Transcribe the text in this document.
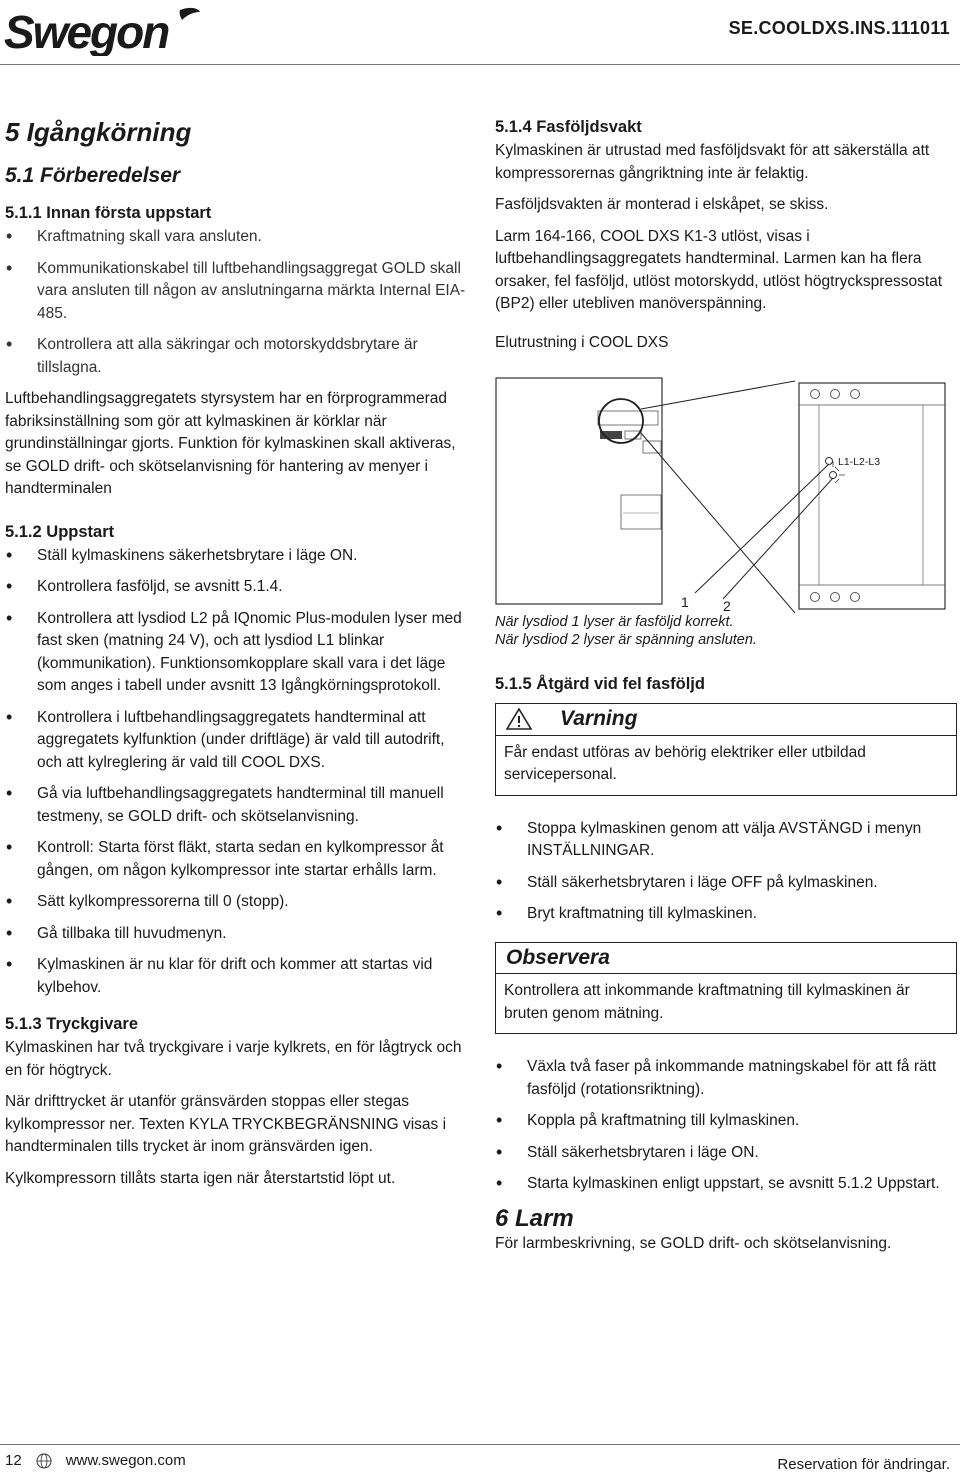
Swegon	SE.COOLDXS.INS.111011
5 Igångkörning
5.1 Förberedelser
5.1.1 Innan första uppstart
• Kraftmatning skall vara ansluten.
• Kommunikationskabel till luftbehandlingsaggregat GOLD skall vara ansluten till någon av anslutningarna märkta Internal EIA-485.
• Kontrollera att alla säkringar och motorskyddsbrytare är tillslagna.

Luftbehandlingsaggregatets styrsystem har en förprogrammerad fabriksinställning som gör att kylmaskinen är körklar när grundinställningar gjorts. Funktion för kylmaskinen skall aktiveras, se GOLD drift- och skötselanvisning för hantering av menyer i handterminalen

5.1.2 Uppstart
• Ställ kylmaskinens säkerhetsbrytare i läge ON.
• Kontrollera fasföljd, se avsnitt 5.1.4.
• Kontrollera att lysdiod L2 på IQnomic Plus-modulen lyser med fast sken (matning 24 V), och att lysdiod L1 blinkar (kommunikation). Funktionsomkopplare skall vara i det läge som anges i tabell under avsnitt 13 Igångkörningsprotokoll.
• Kontrollera i luftbehandlingsaggregatets handterminal att aggregatets kylfunktion (under driftläge) är vald till autodrift, och att kylreglering är vald till COOL DXS.
• Gå via luftbehandlingsaggregatets handterminal till manuell testmeny, se GOLD drift- och skötselanvisning.
• Kontroll: Starta först fläkt, starta sedan en kylkompressor åt gången, om någon kylkompressor inte startar erhålls larm.
• Sätt kylkompressorerna till 0 (stopp).
• Gå tillbaka till huvudmenyn.
• Kylmaskinen är nu klar för drift och kommer att startas vid kylbehov.
5.1.3 Tryckgivare

Kylmaskinen har två tryckgivare i varje kylkrets, en för lågtryck och en för högtryck.

När drifttrycket är utanför gränsvärden stoppas eller stegas kylkompressor ner. Texten KYLA TRYCKBEGRÄNSNING visas i handterminalen tills trycket är inom gränsvärden igen.

Kylkompressorn tillåts starta igen när återstartstid löpt ut.

5.1.4 Fasföljdsvakt

Kylmaskinen är utrustad med fasföljdsvakt för att säkerställa att kompressorernas gångriktning inte är felaktig.

Fasföljdsvakten är monterad i elskåpet, se skiss.

Larm 164-166, COOL DXS K1-3 utlöst, visas i luftbehandlingsaggregatets handterminal. Larmen kan ha flera orsaker, fel fasföljd, utlöst motorskydd, utlöst högtryckspressostat (BP2) eller utebliven manöverspänning.

Elutrustning i COOL DXS

L1-L2-L3
1 2
När lysdiod 1 lyser är fasföljd korrekt.
När lysdiod 2 lyser är spänning ansluten.
5.1.5 Åtgärd vid fel fasföljd
Varning
Får endast utföras av behörig elektriker eller utbildad servicepersonal.
• Stoppa kylmaskinen genom att välja AVSTÄNGD i menyn INSTÄLLNINGAR.
• Ställ säkerhetsbrytaren i läge OFF på kylmaskinen.
• Bryt kraftmatning till kylmaskinen.
Observera
Kontrollera att inkommande kraftmatning till kylmaskinen är bruten genom mätning.
• Växla två faser på inkommande matningskabel för att få rätt fasföljd (rotationsriktning).
• Koppla på kraftmatning till kylmaskinen.
• Ställ säkerhetsbrytaren i läge ON.
• Starta kylmaskinen enligt uppstart, se avsnitt 5.1.2 Uppstart.
6 Larm

För larmbeskrivning, se GOLD drift- och skötselanvisning.

12	www.swegon.com	Reservation för ändringar.
